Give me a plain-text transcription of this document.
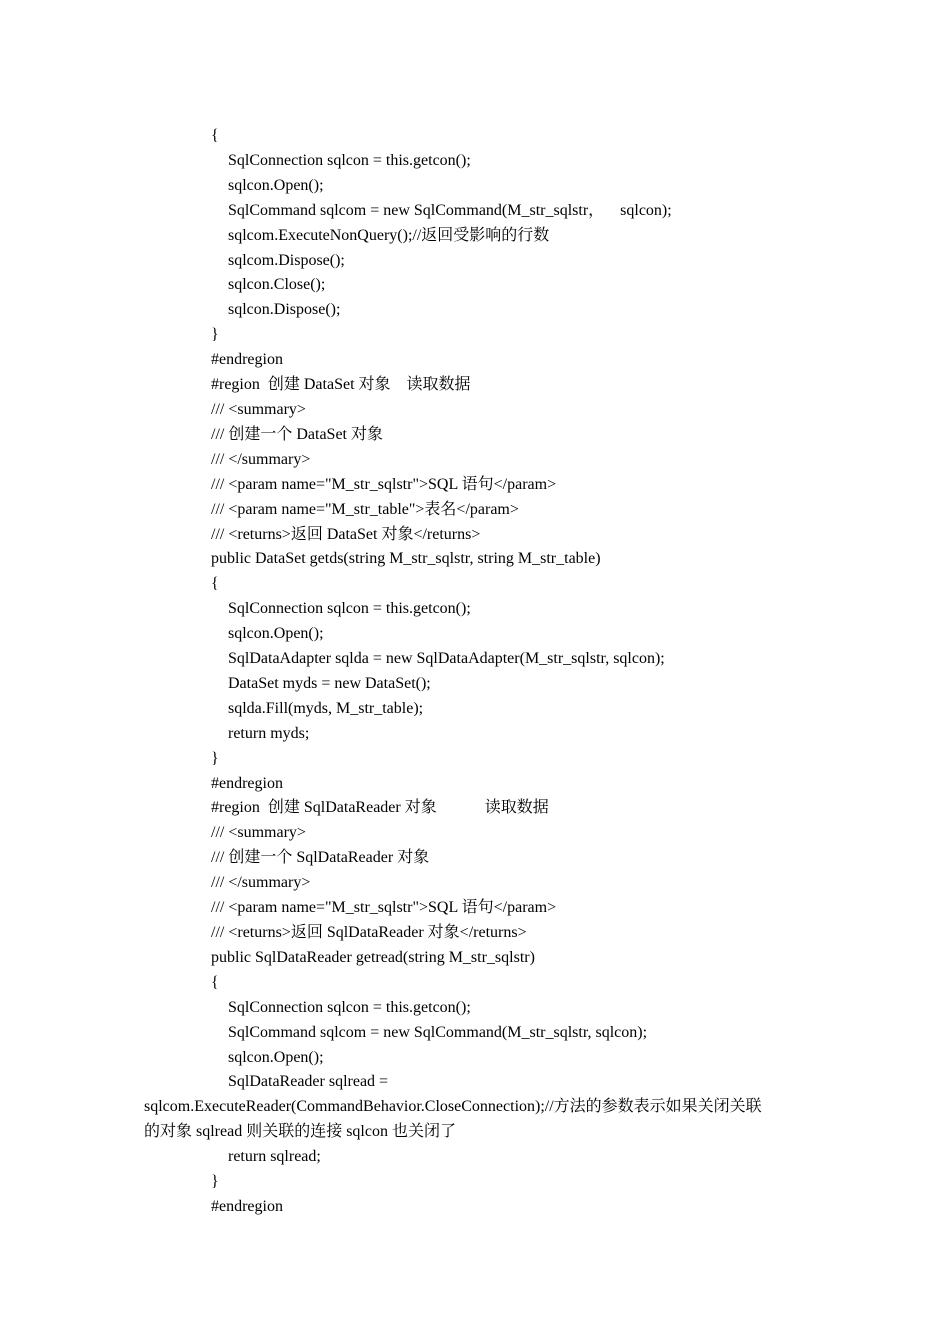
{
SqlConnection sqlcon = this.getcon();
sqlcon.Open();
SqlCommand sqlcom = new SqlCommand(M_str_sqlstr，    sqlcon);
sqlcom.ExecuteNonQuery();//返回受影响的行数
sqlcom.Dispose();
sqlcon.Close();
sqlcon.Dispose();
}
#endregion
#region  创建 DataSet 对象    读取数据
/// <summary>
/// 创建一个 DataSet 对象
/// </summary>
/// <param name="M_str_sqlstr">SQL 语句</param>
/// <param name="M_str_table">表名</param>
/// <returns>返回 DataSet 对象</returns>
public DataSet getds(string M_str_sqlstr, string M_str_table)
{
SqlConnection sqlcon = this.getcon();
sqlcon.Open();
SqlDataAdapter sqlda = new SqlDataAdapter(M_str_sqlstr, sqlcon);
DataSet myds = new DataSet();
sqlda.Fill(myds, M_str_table);
return myds;
}
#endregion
#region  创建 SqlDataReader 对象            读取数据
/// <summary>
/// 创建一个 SqlDataReader 对象
/// </summary>
/// <param name="M_str_sqlstr">SQL 语句</param>
/// <returns>返回 SqlDataReader 对象</returns>
public SqlDataReader getread(string M_str_sqlstr)
{
SqlConnection sqlcon = this.getcon();
SqlCommand sqlcom = new SqlCommand(M_str_sqlstr, sqlcon);
sqlcon.Open();
SqlDataReader sqlread =
sqlcom.ExecuteReader(CommandBehavior.CloseConnection);//方法的参数表示如果关闭关联
的对象 sqlread 则关联的连接 sqlcon 也关闭了
return sqlread;
}
#endregion
